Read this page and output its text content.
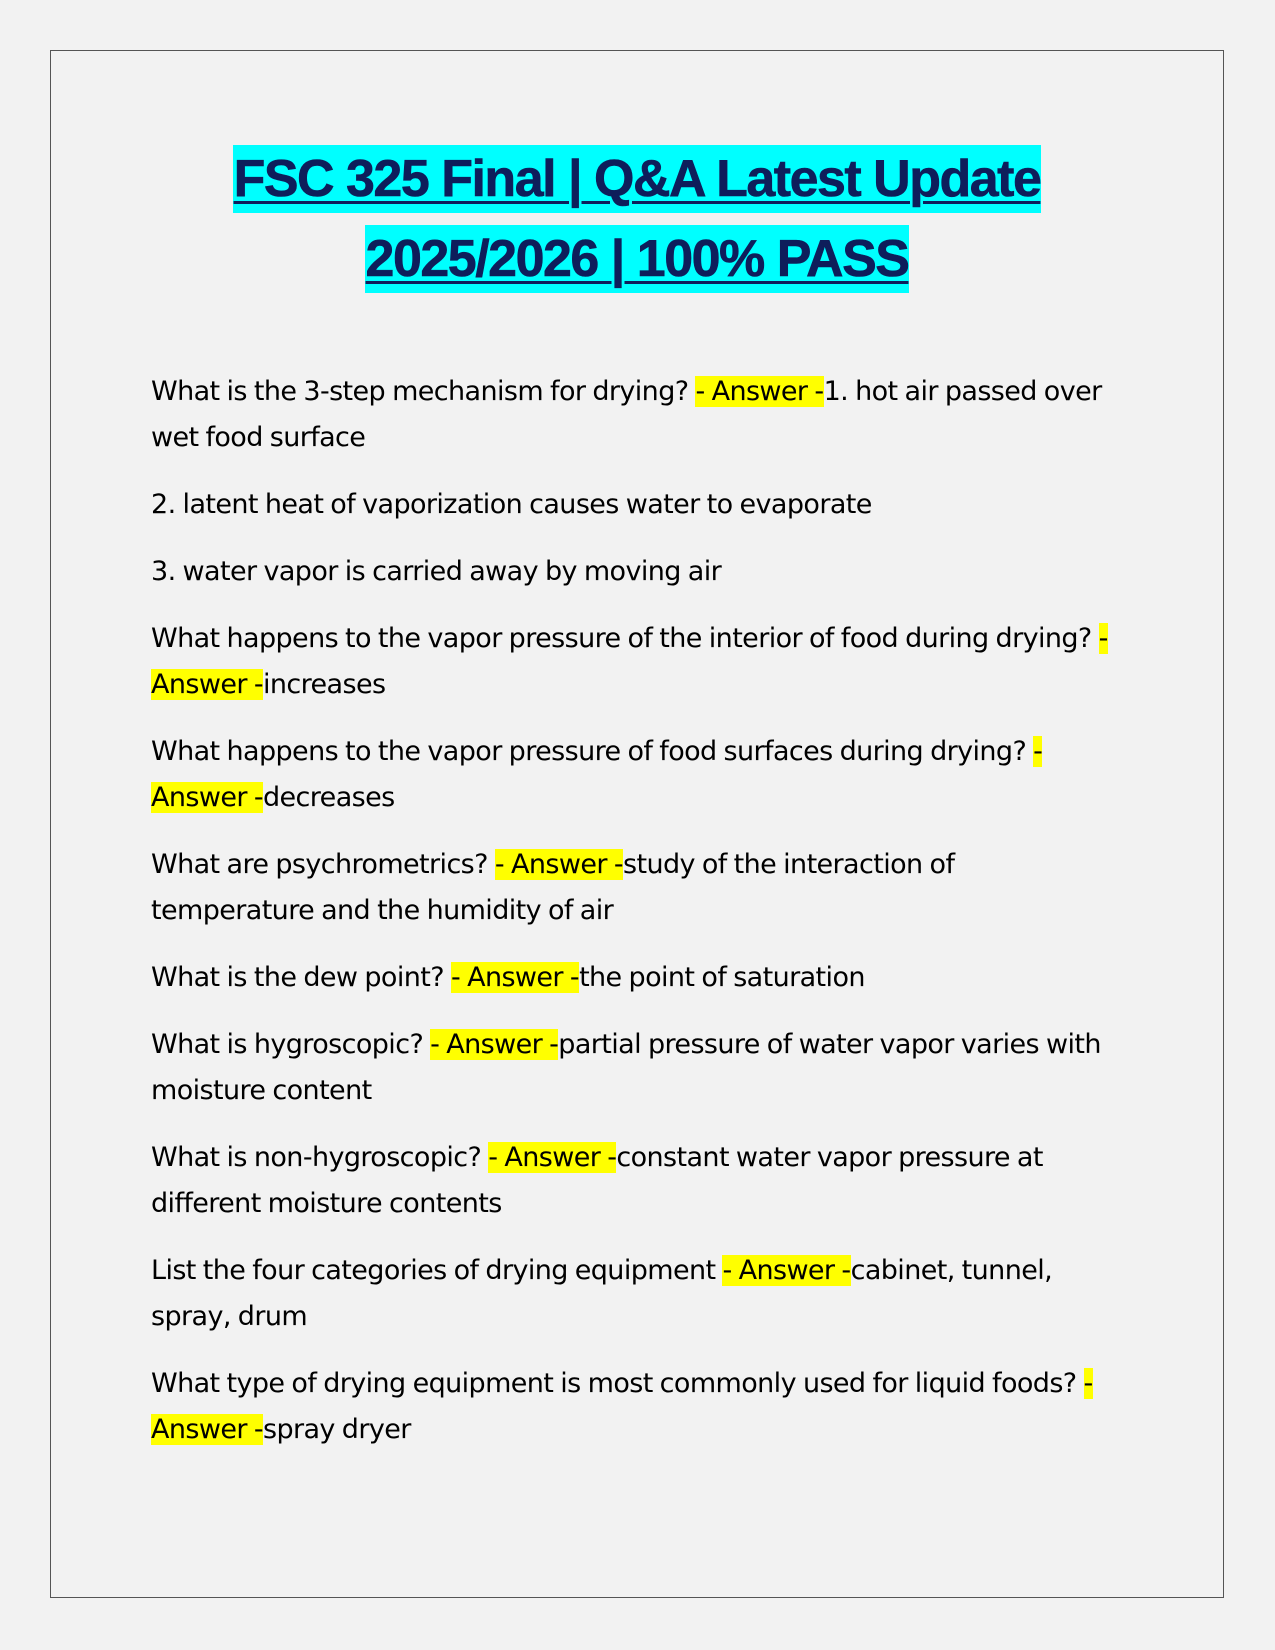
FSC 325 Final | Q&A Latest Update
2025/2026 | 100% PASS

What is the 3-step mechanism for drying? - Answer -1. hot air passed over wet food surface

2. latent heat of vaporization causes water to evaporate

3. water vapor is carried away by moving air

What happens to the vapor pressure of the interior of food during drying? - Answer -increases

What happens to the vapor pressure of food surfaces during drying? - Answer -decreases

What are psychrometrics? - Answer -study of the interaction of temperature and the humidity of air

What is the dew point? - Answer -the point of saturation

What is hygroscopic? - Answer -partial pressure of water vapor varies with moisture content

What is non-hygroscopic? - Answer -constant water vapor pressure at different moisture contents

List the four categories of drying equipment - Answer -cabinet, tunnel, spray, drum

What type of drying equipment is most commonly used for liquid foods? - Answer -spray dryer
